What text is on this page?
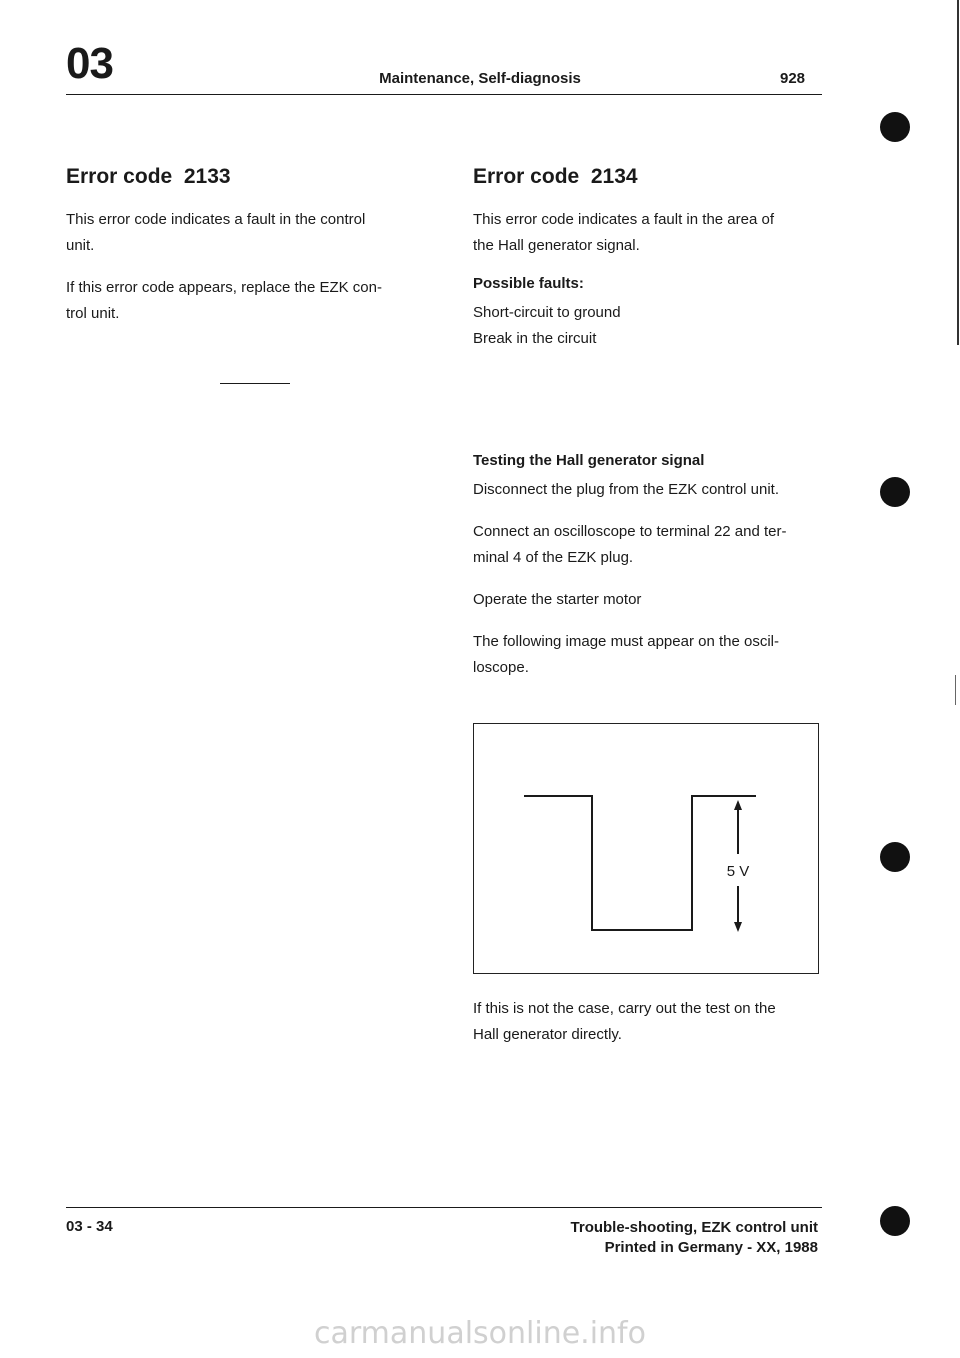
03	Maintenance, Self-diagnosis	928
Error code  2133

This error code indicates a fault in the control
unit.

If this error code appears, replace the EZK con-
trol unit.

Error code  2134

This error code indicates a fault in the area of
the Hall generator signal.

Possible faults:

Short-circuit to ground
Break in the circuit

Testing the Hall generator signal

Disconnect the plug from the EZK control unit.

Connect an oscilloscope to terminal 22 and ter-
minal 4 of the EZK plug.

Operate the starter motor

The following image must appear on the oscil-
loscope.

5 V

If this is not the case, carry out the test on the
Hall generator directly.

03 - 34	Trouble-shooting, EZK control unit
Printed in Germany - XX, 1988
carmanualsonline.info
